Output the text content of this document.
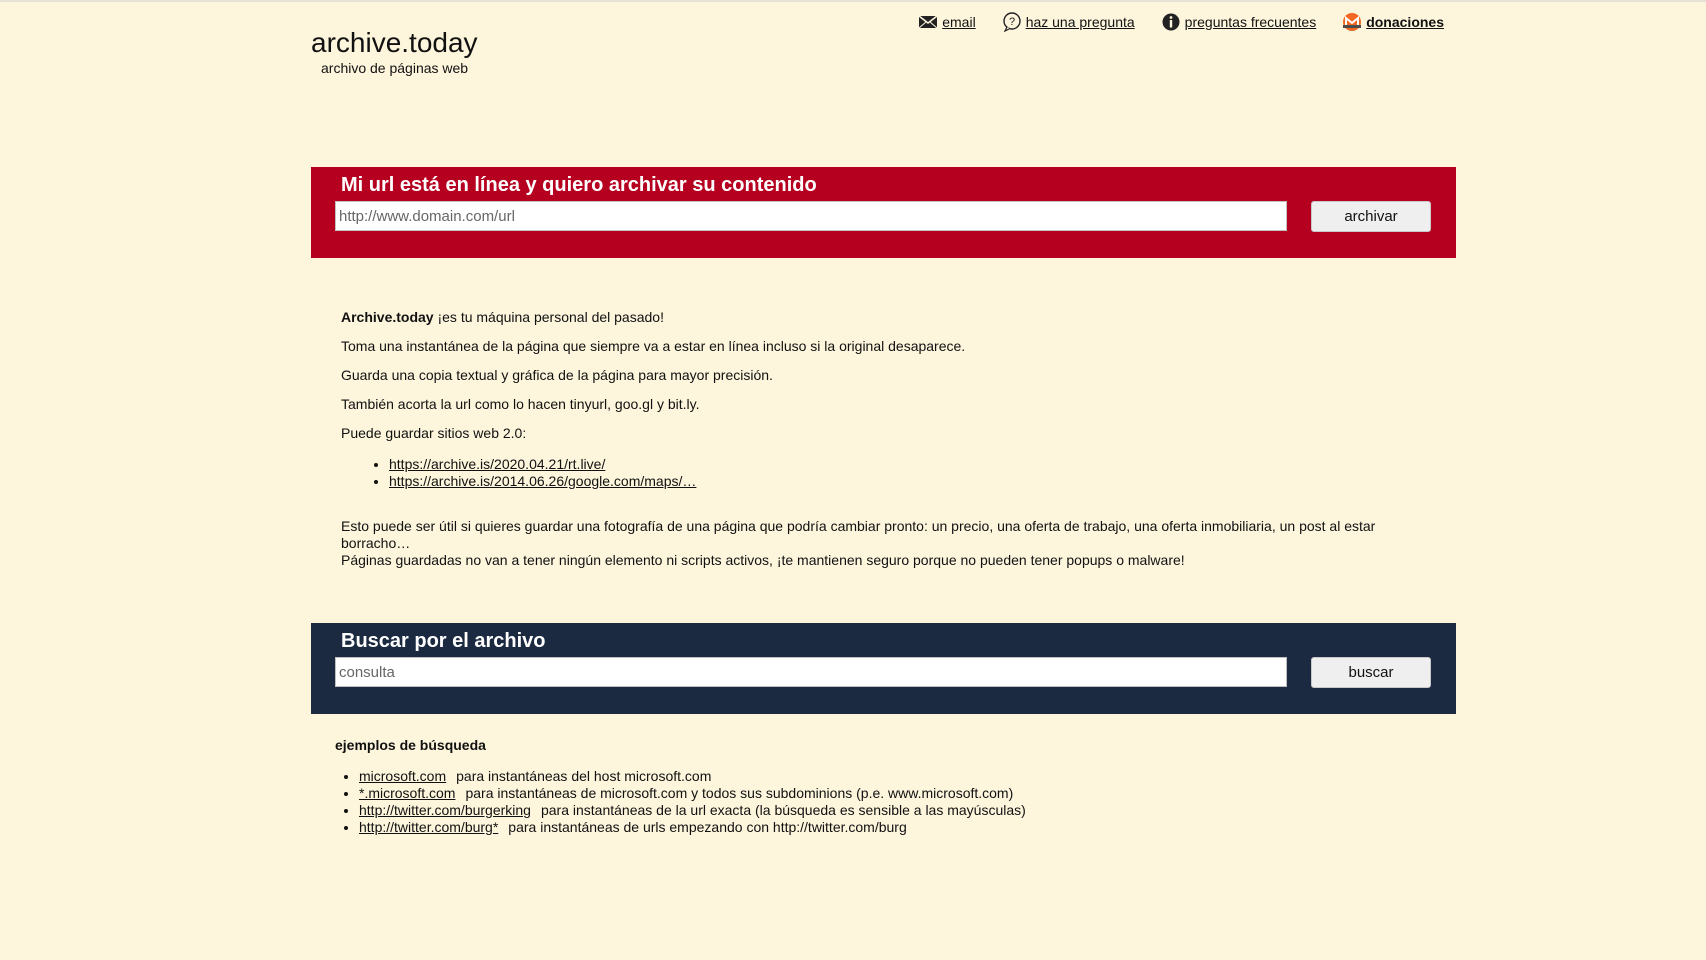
archive.today
archivo de páginas web
email	? haz una pregunta	preguntas frecuentes	donaciones
Mi url está en línea y quiero archivar su contenido
http://www.domain.com/url
archivar

Archive.today ¡es tu máquina personal del pasado!

Toma una instantánea de la página que siempre va a estar en línea incluso si la original desaparece.

Guarda una copia textual y gráfica de la página para mayor precisión.

También acorta la url como lo hacen tinyurl, goo.gl y bit.ly.

Puede guardar sitios web 2.0:

• https://archive.is/2020.04.21/rt.live/
• https://archive.is/2014.06.26/google.com/maps/…
Esto puede ser útil si quieres guardar una fotografía de una página que podría cambiar pronto: un precio, una oferta de trabajo, una oferta inmobiliaria, un post al estar borracho…
Páginas guardadas no van a tener ningún elemento ni scripts activos, ¡te mantienen seguro porque no pueden tener popups o malware!
Buscar por el archivo
consulta
buscar
ejemplos de búsqueda
• microsoft.com para instantáneas del host microsoft.com
• *.microsoft.com para instantáneas de microsoft.com y todos sus subdominions (p.e. www.microsoft.com)
• http://twitter.com/burgerking para instantáneas de la url exacta (la búsqueda es sensible a las mayúsculas)
• http://twitter.com/burg* para instantáneas de urls empezando con http://twitter.com/burg
